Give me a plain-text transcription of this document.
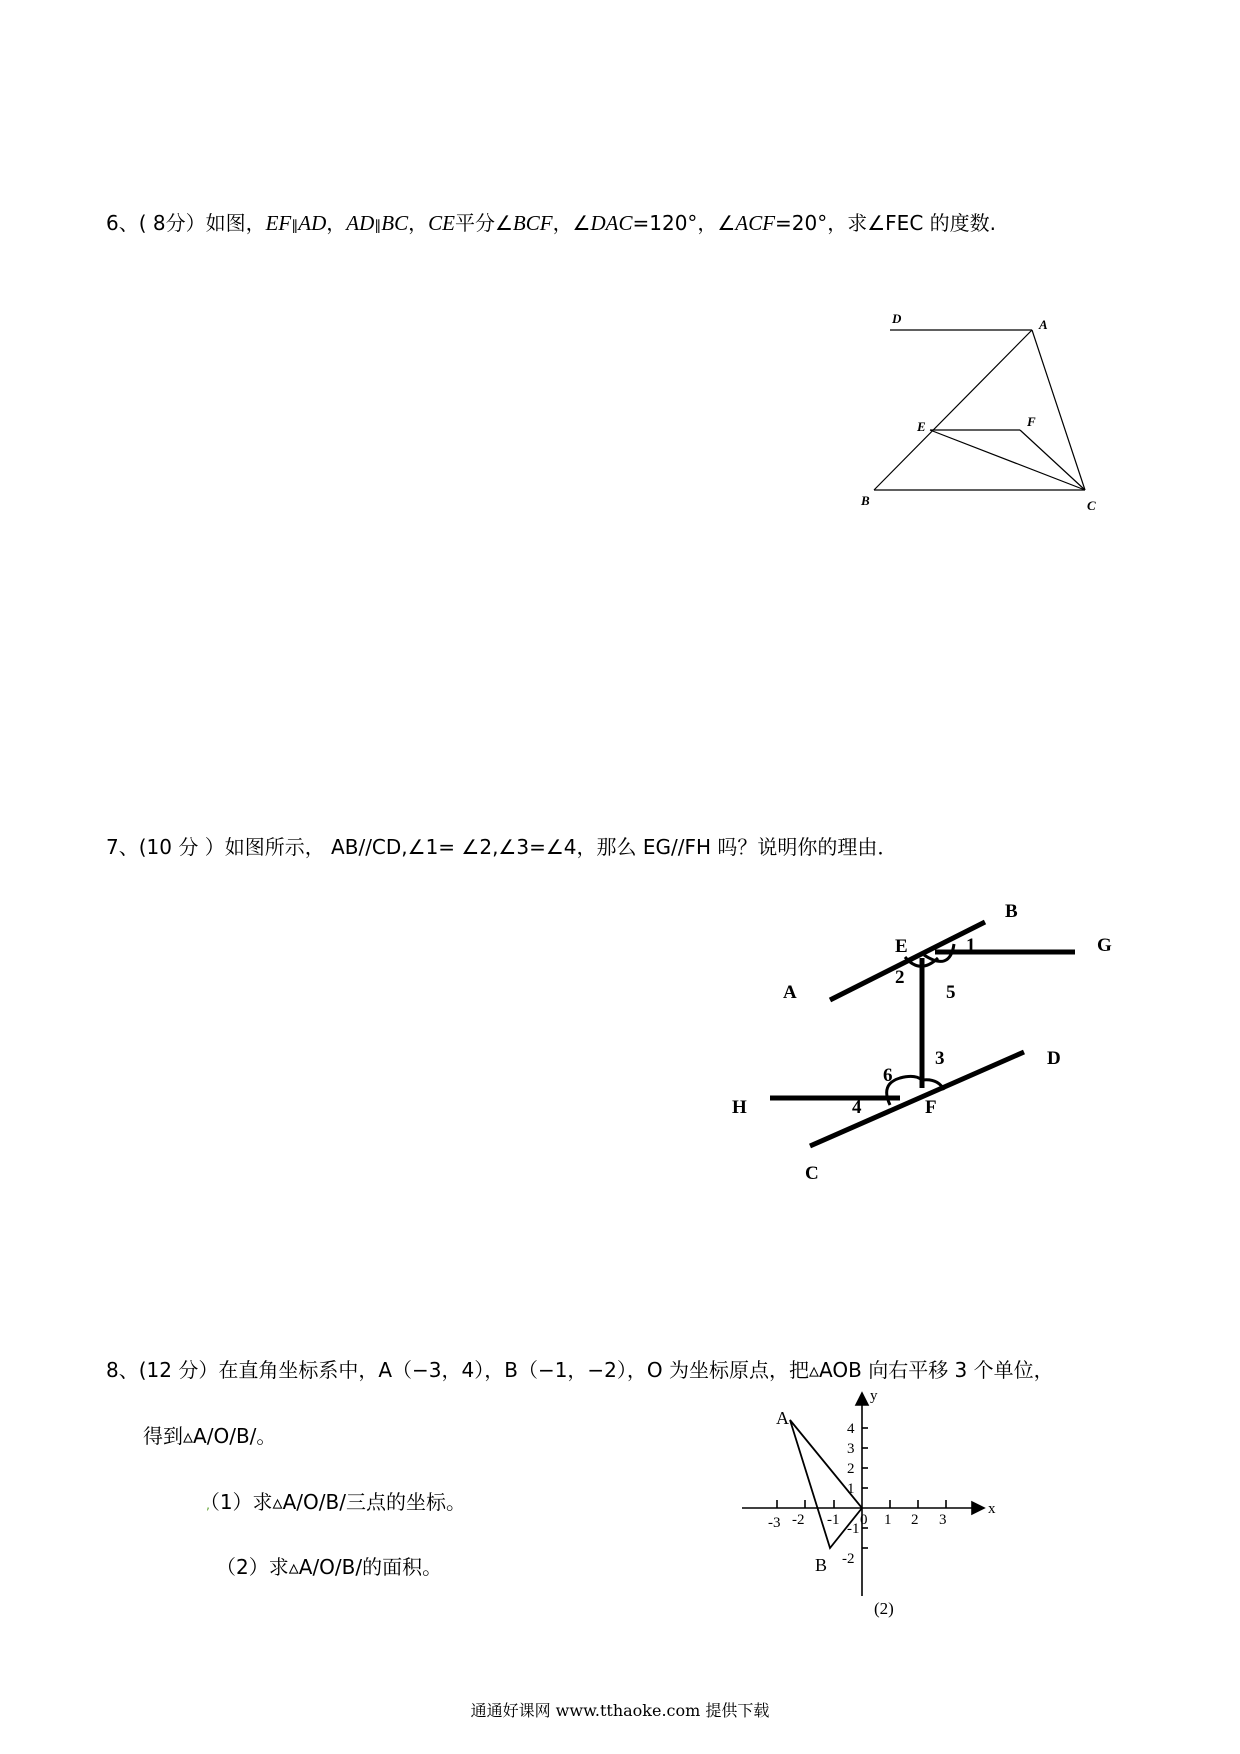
6、( 8分）如图，EF∥AD，AD∥BC，CE平分∠BCF，∠DAC=120°，∠ACF=20°，求∠FEC 的度数.
D	A
E	F
B	C
7、(10 分 ）如图所示， AB//CD,∠1= ∠2,∠3=∠4，那么 EG//FH 吗？说明你的理由．
B
E	1	G
A
2
5
3	D
6
H	4	F
C
8、(12 分）在直角坐标系中，A（−3，4），B（−1，−2），O 为坐标原点，把▵AOB 向右平移 3 个单位，
得到▵A/O/B/。
‚（1）求▵A/O/B/三点的坐标。
（2）求▵A/O/B/的面积。
x
y
-3 -2 -1 0 1 2 3
4
3
2
1
-1
-2
A
B
(2)
通通好课网 www.tthaoke.com 提供下载
